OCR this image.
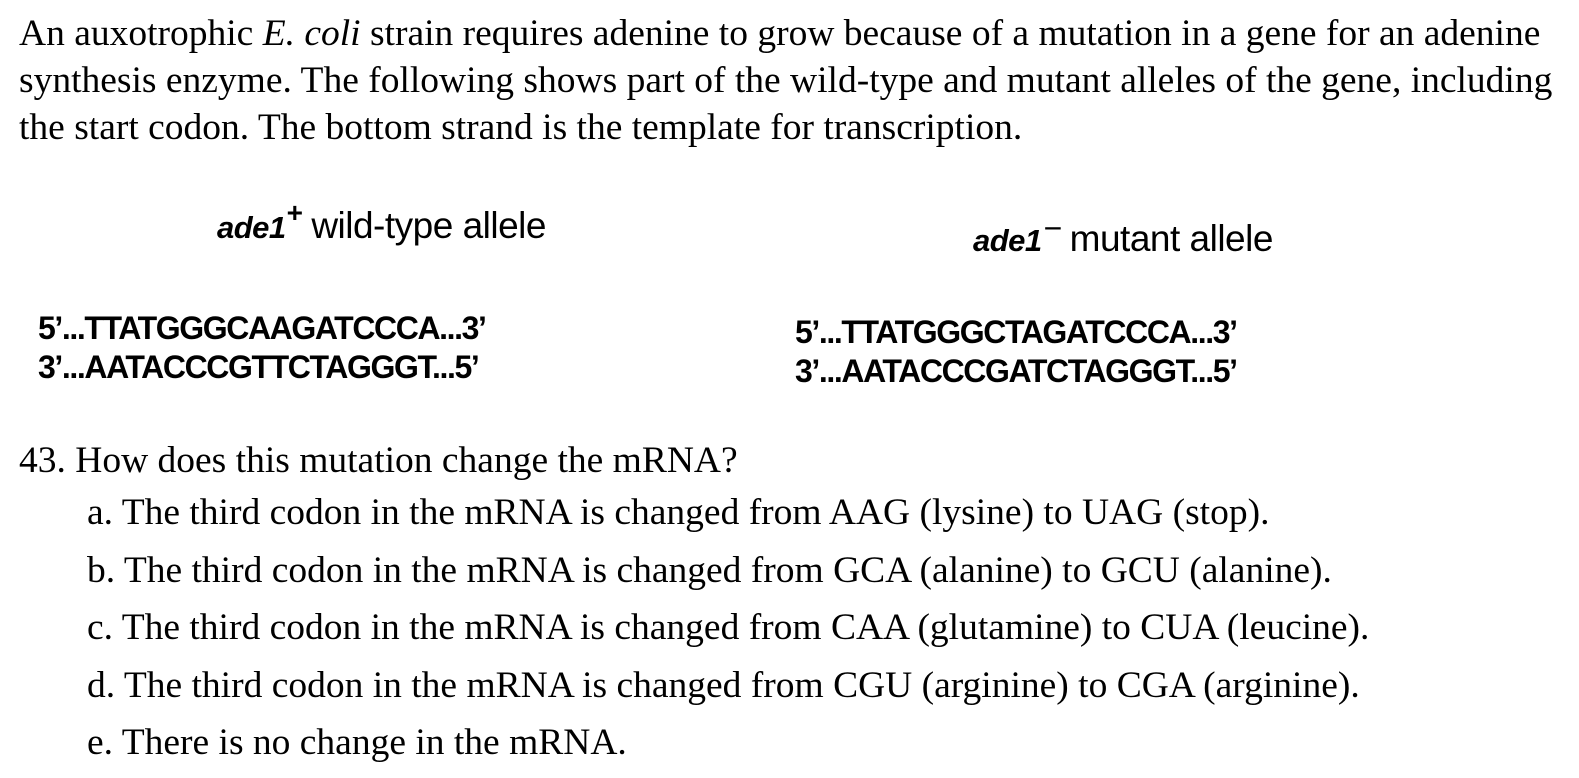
An auxotrophic E. coli strain requires adenine to grow because of a mutation in a gene for an adenine synthesis enzyme. The following shows part of the wild-type and mutant alleles of the gene, including the start codon. The bottom strand is the template for transcription.

ade1+ wild-type allele	ade1− mutant allele
5’...TTATGGGCAAGATCCCA...3’
3’...AATACCCGTTCTAGGGT...5’
5’...TTATGGGCTAGATCCCA...3’
3’...AATACCCGATCTAGGGT...5’

43. How does this mutation change the mRNA?

a. The third codon in the mRNA is changed from AAG (lysine) to UAG (stop).
b. The third codon in the mRNA is changed from GCA (alanine) to GCU (alanine).
c. The third codon in the mRNA is changed from CAA (glutamine) to CUA (leucine).
d. The third codon in the mRNA is changed from CGU (arginine) to CGA (arginine).
e. There is no change in the mRNA.
